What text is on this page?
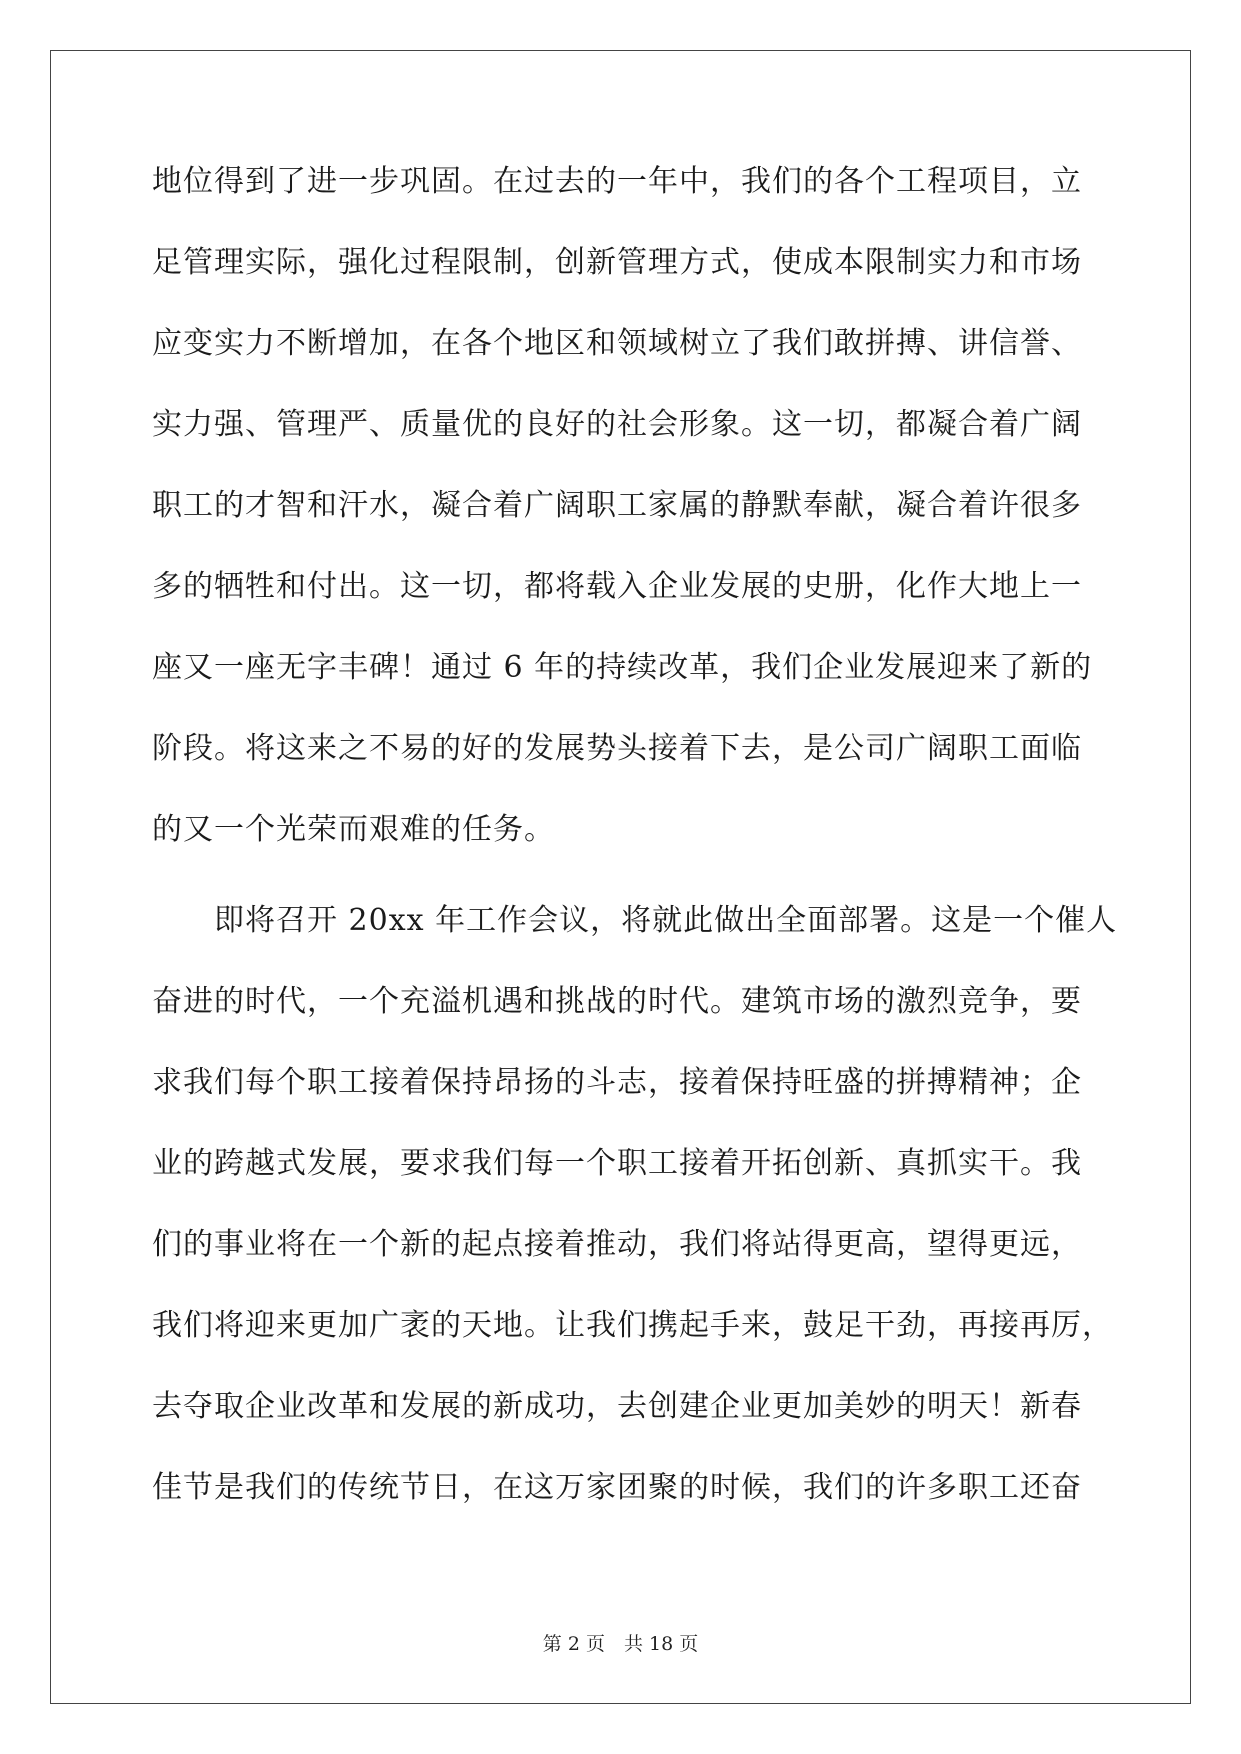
地位得到了进一步巩固。在过去的一年中，我们的各个工程项目，立
足管理实际，强化过程限制，创新管理方式，使成本限制实力和市场
应变实力不断增加，在各个地区和领域树立了我们敢拼搏、讲信誉、
实力强、管理严、质量优的良好的社会形象。这一切，都凝合着广阔
职工的才智和汗水，凝合着广阔职工家属的静默奉献，凝合着许很多
多的牺牲和付出。这一切，都将载入企业发展的史册，化作大地上一
座又一座无字丰碑！通过 6 年的持续改革，我们企业发展迎来了新的
阶段。将这来之不易的好的发展势头接着下去，是公司广阔职工面临
的又一个光荣而艰难的任务。
　　即将召开 20xx 年工作会议，将就此做出全面部署。这是一个催人
奋进的时代，一个充溢机遇和挑战的时代。建筑市场的激烈竞争，要
求我们每个职工接着保持昂扬的斗志，接着保持旺盛的拼搏精神；企
业的跨越式发展，要求我们每一个职工接着开拓创新、真抓实干。我
们的事业将在一个新的起点接着推动，我们将站得更高，望得更远，
我们将迎来更加广袤的天地。让我们携起手来，鼓足干劲，再接再厉，
去夺取企业改革和发展的新成功，去创建企业更加美妙的明天！新春
佳节是我们的传统节日，在这万家团聚的时候，我们的许多职工还奋
第 2 页　共 18 页
